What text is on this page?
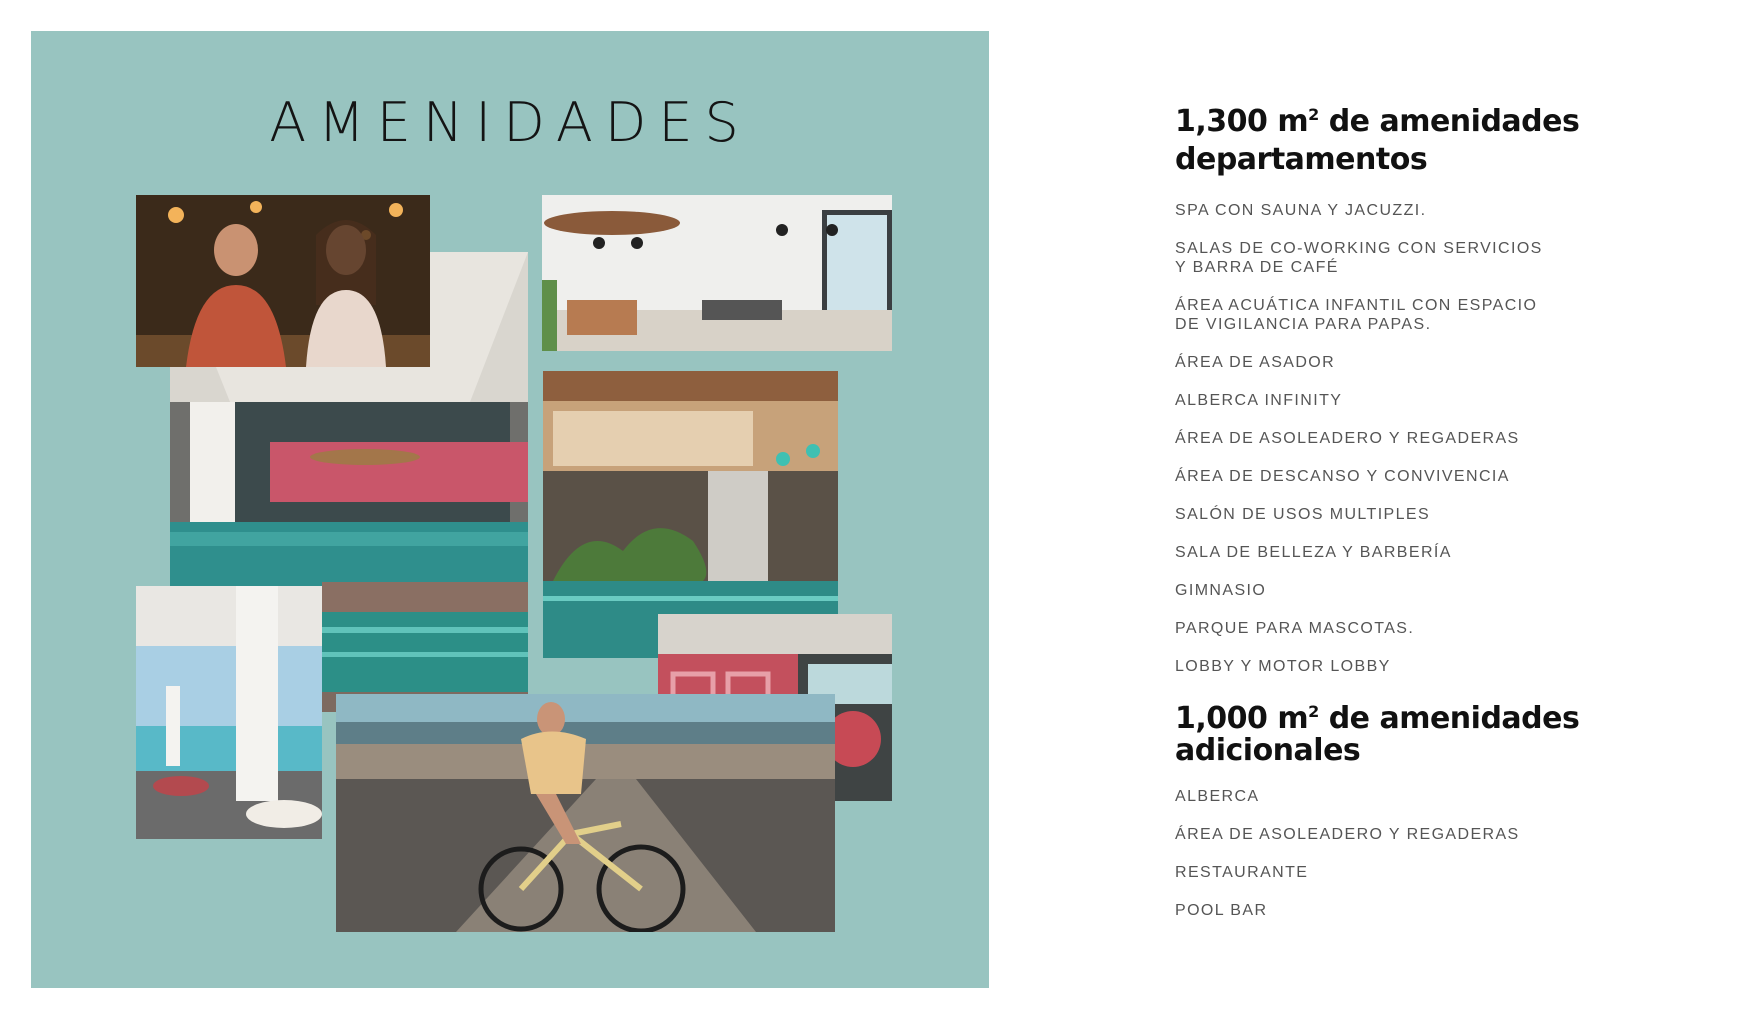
AMENIDADES	1,300 $m^2$ de amenidades
departamentos
SPA CON SAUNA Y JACUZZI.
SALAS DE CO-WORKING CON SERVICIOS
Y BARRA DE CAFÉ
ÁREA ACUÁTICA INFANTIL CON ESPACIO
DE VIGILANCIA PARA PAPAS.
ÁREA DE ASADOR
ALBERCA INFINITY
ÁREA DE ASOLEADERO Y REGADERAS
ÁREA DE DESCANSO Y CONVIVENCIA
SALÓN DE USOS MULTIPLES
SALA DE BELLEZA Y BARBERÍA
GIMNASIO
PARQUE PARA MASCOTAS.
LOBBY Y MOTOR LOBBY
1,000 $m^2$ de amenidades
adicionales
ALBERCA
ÁREA DE ASOLEADERO Y REGADERAS
RESTAURANTE
POOL BAR
